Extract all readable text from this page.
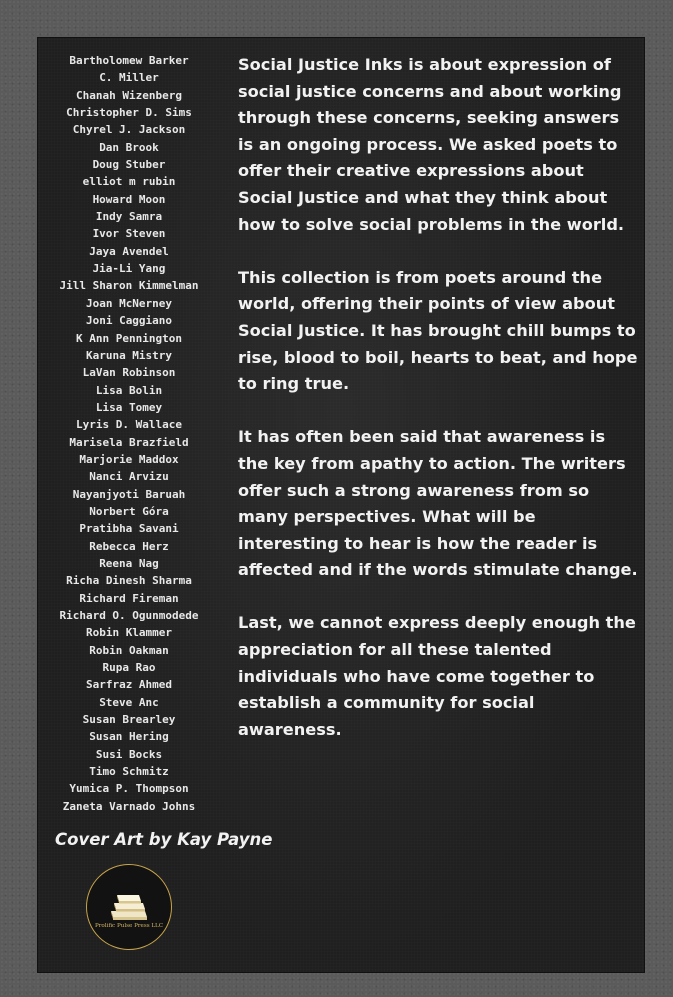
Bartholomew Barker
C. Miller
Chanah Wizenberg
Christopher D. Sims
Chyrel J. Jackson
Dan Brook
Doug Stuber
elliot m rubin
Howard Moon
Indy Samra
Ivor Steven
Jaya Avendel
Jia-Li Yang
Jill Sharon Kimmelman
Joan McNerney
Joni Caggiano
K Ann Pennington
Karuna Mistry
LaVan Robinson
Lisa Bolin
Lisa Tomey
Lyris D. Wallace
Marisela Brazfield
Marjorie Maddox
Nanci Arvizu
Nayanjyoti Baruah
Norbert Góra
Pratibha Savani
Rebecca Herz
Reena Nag
Richa Dinesh Sharma
Richard Fireman
Richard O. Ogunmodede
Robin Klammer
Robin Oakman
Rupa Rao
Sarfraz Ahmed
Steve Anc
Susan Brearley
Susan Hering
Susi Bocks
Timo Schmitz
Yumica P. Thompson
Zaneta Varnado Johns

Social Justice Inks is about expression of social justice concerns and about working through these concerns, seeking answers is an ongoing process. We asked poets to offer their creative expressions about Social Justice and what they think about how to solve social problems in the world.

This collection is from poets around the world, offering their points of view about Social Justice. It has brought chill bumps to rise, blood to boil, hearts to beat, and hope to ring true.

It has often been said that awareness is the key from apathy to action. The writers offer such a strong awareness from so many perspectives. What will be interesting to hear is how the reader is affected and if the words stimulate change.

Last, we cannot express deeply enough the appreciation for all these talented individuals who have come together to establish a community for social awareness.

Cover Art by Kay Payne
Prolific Pulse Press LLC
